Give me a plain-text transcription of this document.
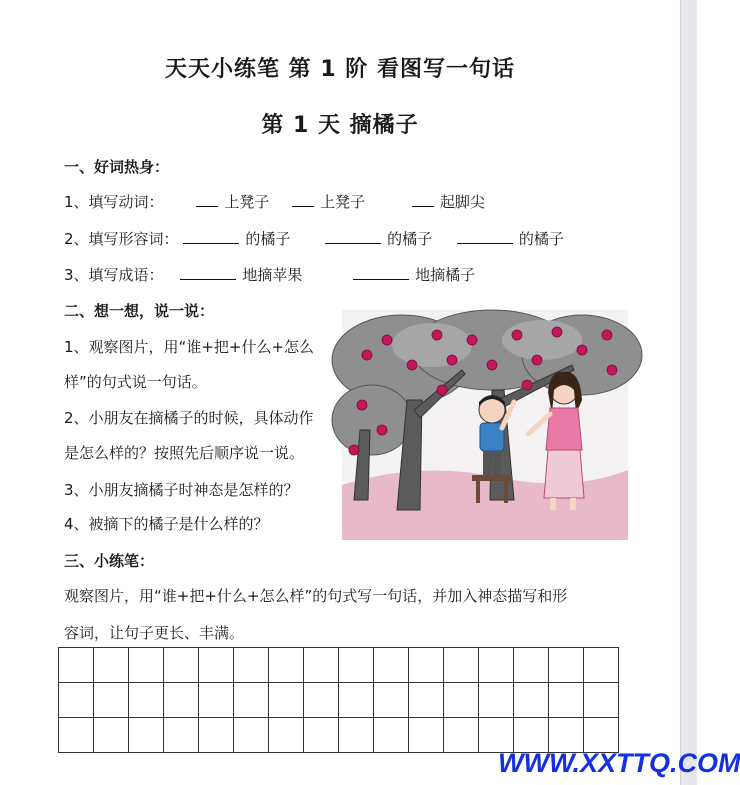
天天小练笔 第 1 阶 看图写一句话
第 1 天 摘橘子
一、好词热身：
1、填写动词：	上凳子	上凳子	起脚尖
2、填写形容词：	的橘子	的橘子	的橘子
3、填写成语：	地摘苹果	地摘橘子
二、想一想，说一说：
1、观察图片，用“谁+把+什么+怎么
样”的句式说一句话。
2、小朋友在摘橘子的时候，具体动作
是怎么样的？按照先后顺序说一说。
3、小朋友摘橘子时神态是怎样的？
4、被摘下的橘子是什么样的？
三、小练笔：
观察图片，用“谁+把+什么+怎么样”的句式写一句话，并加入神态描写和形
容词，让句子更长、丰满。

WWW.XXTTQ.COM
